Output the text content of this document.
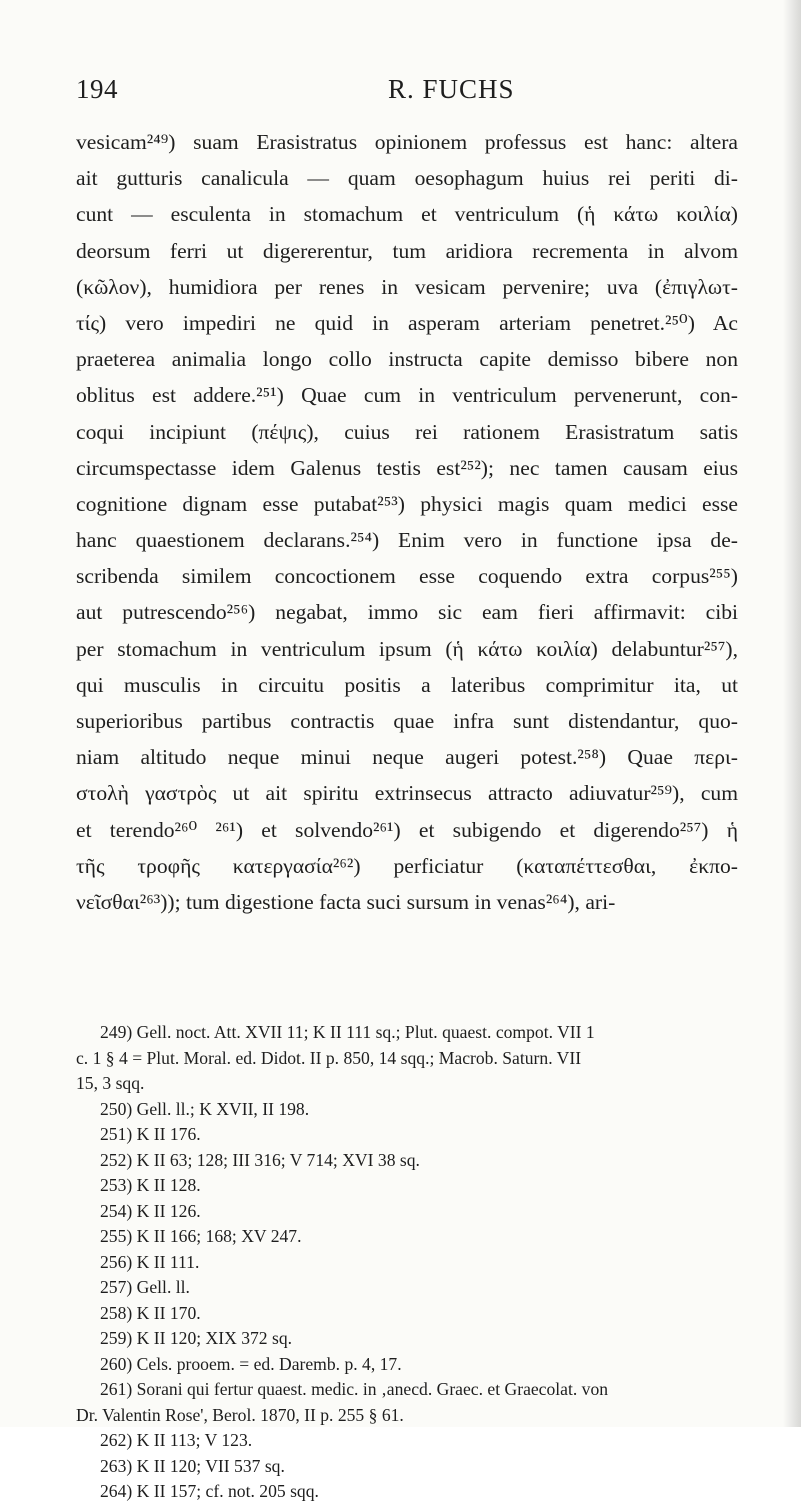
194	R. FUCHS
vesicam²⁴⁹) suam Erasistratus opinionem professus est hanc: altera
ait gutturis canalicula — quam oesophagum huius rei periti di-
cunt — esculenta in stomachum et ventriculum (ἡ κάτω κοιλία)
deorsum ferri ut digererentur, tum aridiora recrementa in alvom
(κῶλον), humidiora per renes in vesicam pervenire; uva (ἐπιγλωτ-
τίς) vero impediri ne quid in asperam arteriam penetret.²⁵⁰) Ac
praeterea animalia longo collo instructa capite demisso bibere non
oblitus est addere.²⁵¹) Quae cum in ventriculum pervenerunt, con-
coqui incipiunt (πέψις), cuius rei rationem Erasistratum satis
circumspectasse idem Galenus testis est²⁵²); nec tamen causam eius
cognitione dignam esse putabat²⁵³) physici magis quam medici esse
hanc quaestionem declarans.²⁵⁴) Enim vero in functione ipsa de-
scribenda similem concoctionem esse coquendo extra corpus²⁵⁵)
aut putrescendo²⁵⁶) negabat, immo sic eam fieri affirmavit: cibi
per stomachum in ventriculum ipsum (ἡ κάτω κοιλία) delabuntur²⁵⁷),
qui musculis in circuitu positis a lateribus comprimitur ita, ut
superioribus partibus contractis quae infra sunt distendantur, quo-
niam altitudo neque minui neque augeri potest.²⁵⁸) Quae περι-
στολὴ γαστρὸς ut ait spiritu extrinsecus attracto adiuvatur²⁵⁹), cum
et terendo²⁶⁰ ²⁶¹) et solvendo²⁶¹) et subigendo et digerendo²⁵⁷) ἡ
τῆς τροφῆς κατεργασία²⁶²) perficiatur (καταπέττεσθαι, ἐκπο-
νεῖσθαι²⁶³)); tum digestione facta suci sursum in venas²⁶⁴), ari-
249) Gell. noct. Att. XVII 11; K II 111 sq.; Plut. quaest. compot. VII 1
c. 1 § 4 = Plut. Moral. ed. Didot. II p. 850, 14 sqq.; Macrob. Saturn. VII
15, 3 sqq.
250) Gell. ll.; K XVII, II 198.
251) K II 176.
252) K II 63; 128; III 316; V 714; XVI 38 sq.
253) K II 128.
254) K II 126.
255) K II 166; 168; XV 247.
256) K II 111.
257) Gell. ll.
258) K II 170.
259) K II 120; XIX 372 sq.
260) Cels. prooem. = ed. Daremb. p. 4, 17.
261) Sorani qui fertur quaest. medic. in ‚anecd. Graec. et Graecolat. von
Dr. Valentin Rose', Berol. 1870, II p. 255 § 61.
262) K II 113; V 123.
263) K II 120; VII 537 sq.
264) K II 157; cf. not. 205 sqq.
